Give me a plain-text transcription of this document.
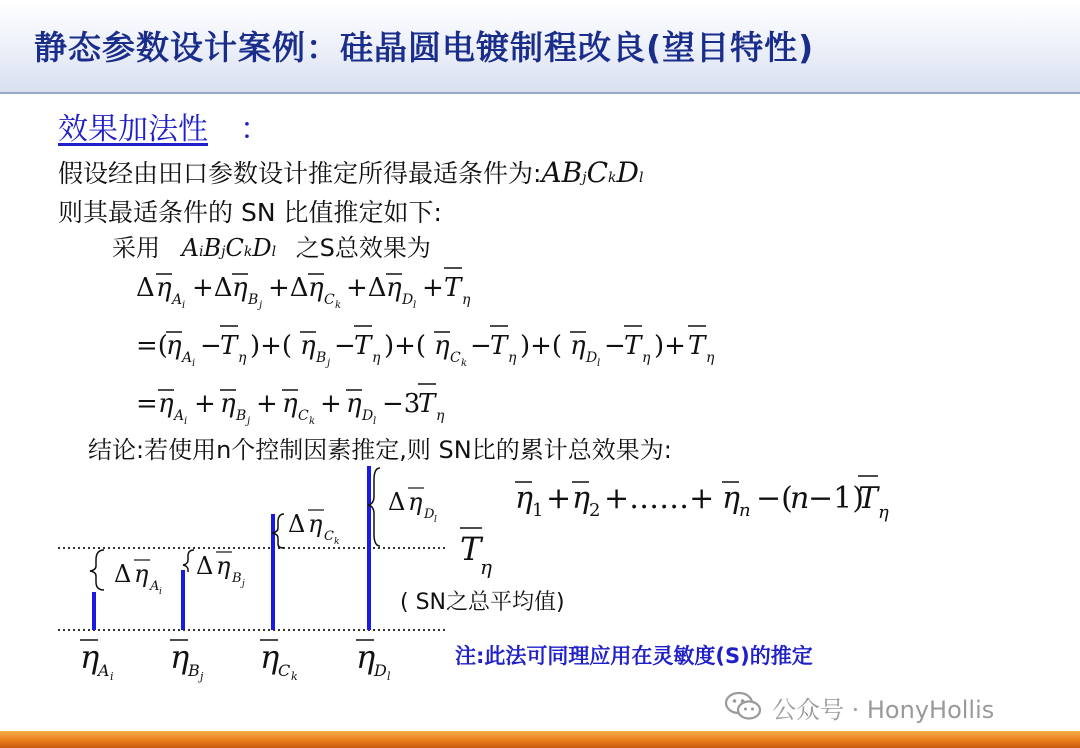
静态参数设计案例：硅晶圆电镀制程改良(望目特性)
效果加法性 ：
假设经由田口参数设计推定所得最适条件为:ABjCkDl
则其最适条件的 SN 比值推定如下:
采用 AiBjCkDl 之S总效果为
结论:若使用n个控制因素推定,则 SN比的累计总效果为:
Δ η A i
+Δ η B j
+Δ η C k
+Δ η D l
+ T η
=(
η A i
−
T η )+( η B j
−
T η )+( η C k
−
T η )+( η D l
−
T η )+ T η
= η A i
+ η B j
+ η C k
+ η D l
−3
T η
η 1 + η 2 +……+ η n −(
n
−1)
T η
Δ η A i
Δ η B j
Δ η C k
Δ η D l
T
η
η
A i
η
B j
η
C k
η
D l
( SN之总平均值)
注:此法可同理应用在灵敏度(S)的推定
公众号 · HonyHollis
